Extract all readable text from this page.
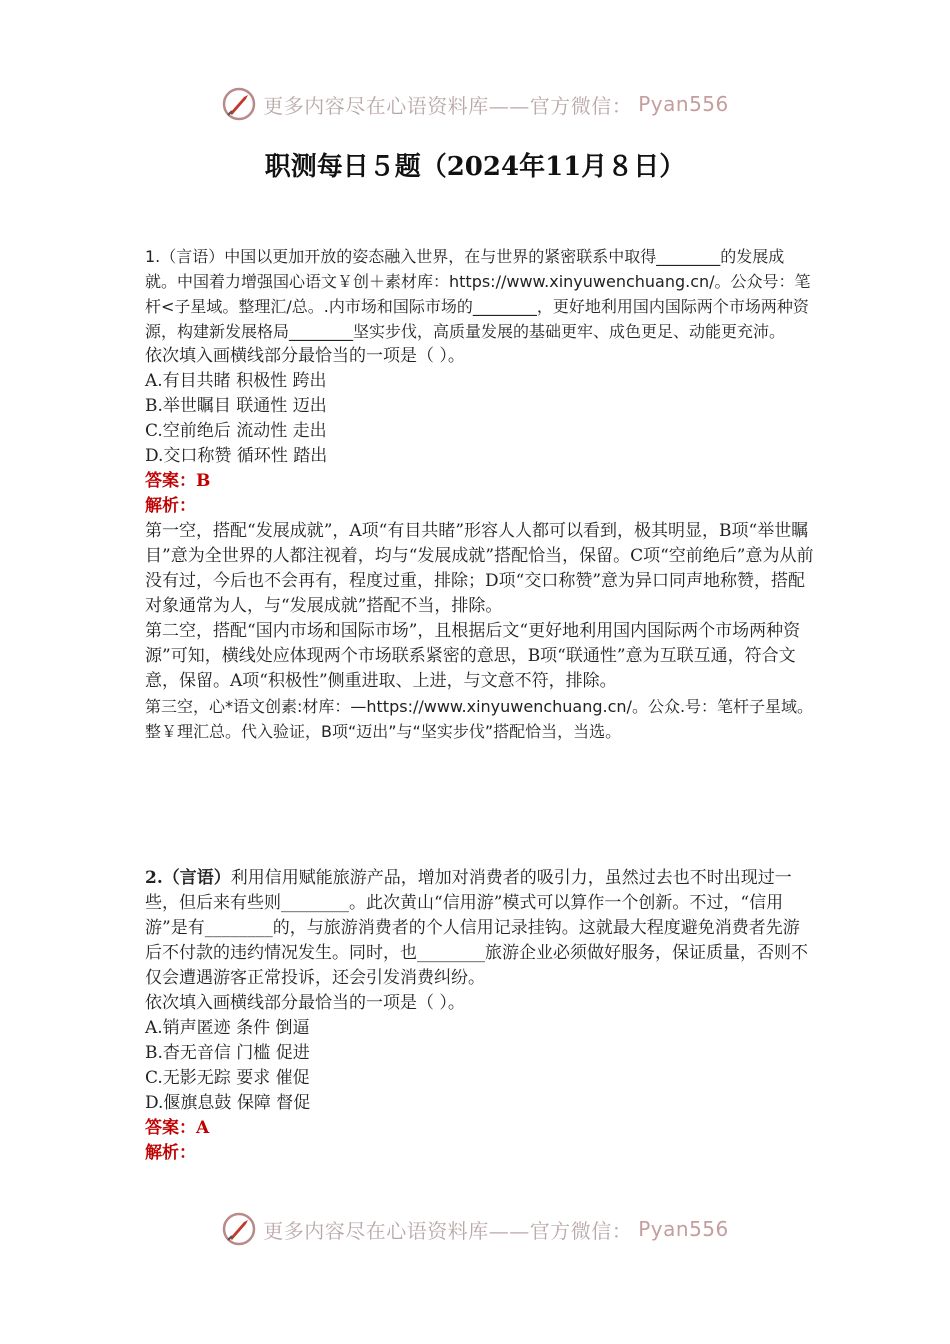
更多内容尽在心语资料库——官方微信： Pyan556
职测每日５题（2024年11月８日）

1.（言语）中国以更加开放的姿态融入世界，在与世界的紧密联系中取得________的发展成就。中国着力增强国心语文￥创＋素材库：https://www.xinyuwenchuang.cn/。公众号：笔杆<子星域。整理汇/总。.内市场和国际市场的________，更好地利用国内国际两个市场两种资源，构建新发展格局________坚实步伐，高质量发展的基础更牢、成色更足、动能更充沛。

依次填入画横线部分最恰当的一项是（ ）。

A.有目共睹 积极性 跨出

B.举世瞩目 联通性 迈出

C.空前绝后 流动性 走出

D.交口称赞 循环性 踏出

答案：B

解析：

第一空，搭配“发展成就”，A项“有目共睹”形容人人都可以看到，极其明显，B项“举世瞩目”意为全世界的人都注视着，均与“发展成就”搭配恰当，保留。C项“空前绝后”意为从前没有过，今后也不会再有，程度过重，排除；D项“交口称赞”意为异口同声地称赞，搭配对象通常为人，与“发展成就”搭配不当，排除。

第二空，搭配“国内市场和国际市场”，且根据后文“更好地利用国内国际两个市场两种资源”可知，横线处应体现两个市场联系紧密的意思，B项“联通性”意为互联互通，符合文意，保留。A项“积极性”侧重进取、上进，与文意不符，排除。

第三空，心*语文创素:材库：—https://www.xinyuwenchuang.cn/。公众.号：笔杆子星域。整￥理汇总。代入验证，B项“迈出”与“坚实步伐”搭配恰当，当选。

2.（言语）利用信用赋能旅游产品，增加对消费者的吸引力，虽然过去也不时出现过一些，但后来有些则________。此次黄山“信用游”模式可以算作一个创新。不过，“信用游”是有________的，与旅游消费者的个人信用记录挂钩。这就最大程度避免消费者先游后不付款的违约情况发生。同时，也________旅游企业必须做好服务，保证质量，否则不仅会遭遇游客正常投诉，还会引发消费纠纷。

依次填入画横线部分最恰当的一项是（ ）。

A.销声匿迹 条件 倒逼

B.杳无音信 门槛 促进

C.无影无踪 要求 催促

D.偃旗息鼓 保障 督促

答案：A

解析：

更多内容尽在心语资料库——官方微信： Pyan556
